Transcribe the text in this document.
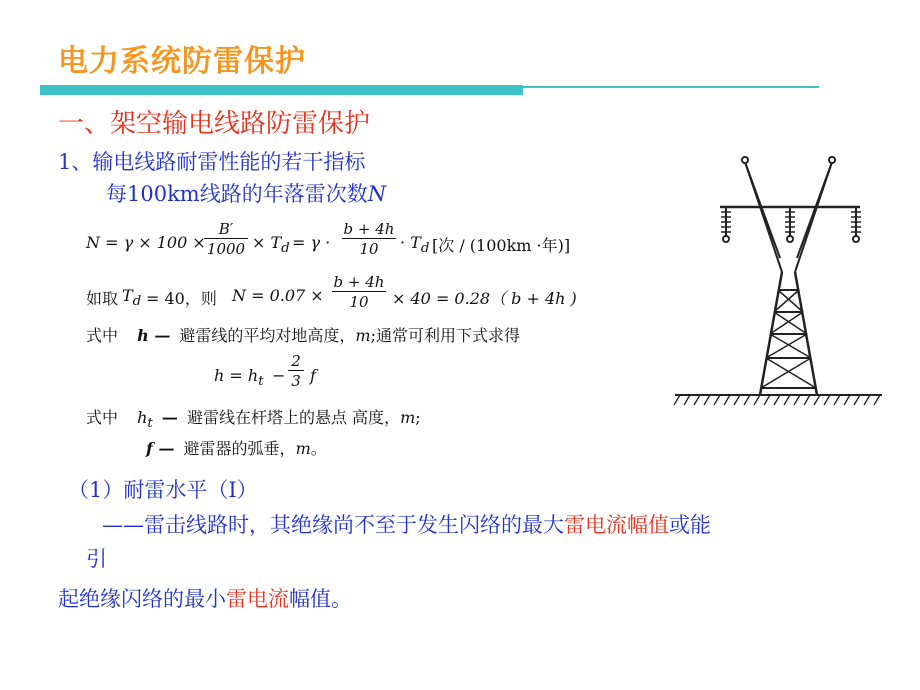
电力系统防雷保护
一、架空输电线路防雷保护
1、输电线路耐雷性能的若干指标
每100km线路的年落雷次数N
N = γ × 100 ×
$\frac{B'}{1000} \times T_d = \gamma \cdot \frac{b + 4h}{10} \cdot T_d$ [次 / (100km ·年)]
如取 $T_d = 40$，则 $N = 0.07 \times \frac{b + 4h}{10} \times 40 = 0.28$（ b + 4h )
式中 h — 避雷线的平均对地高度，m;通常可利用下式求得
$h = h_t - \frac{2}{3}$ f
式中 $h_t$ — 避雷线在杆塔上的悬点 高度，m;
f — 避雷器的弧垂，m。
（1）耐雷水平（I）
——雷击线路时，其绝缘尚不至于发生闪络的最大雷电流幅值或能
引
起绝缘闪络的最小雷电流幅值。
